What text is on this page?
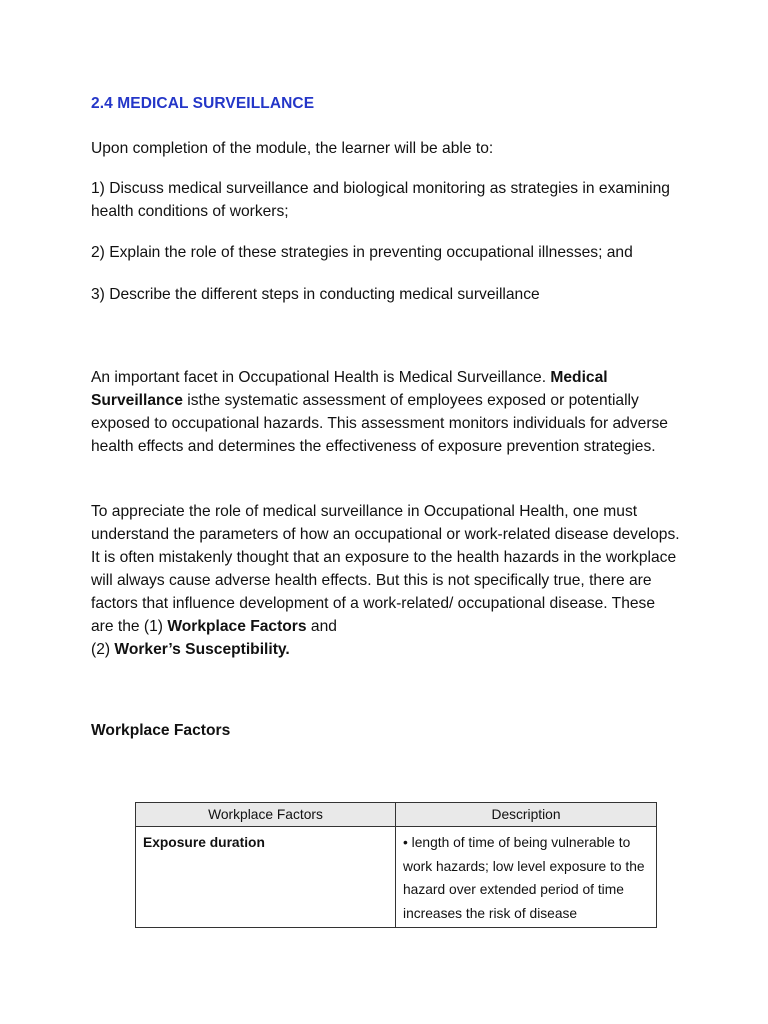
2.4 MEDICAL SURVEILLANCE
Upon completion of the module, the learner will be able to:
1) Discuss medical surveillance and biological monitoring as strategies in examining health conditions of workers;
2) Explain the role of these strategies in preventing occupational illnesses; and
3) Describe the different steps in conducting medical surveillance
An important facet in Occupational Health is Medical Surveillance. Medical Surveillance isthe systematic assessment of employees exposed or potentially exposed to occupational hazards. This assessment monitors individuals for adverse health effects and determines the effectiveness of exposure prevention strategies.
To appreciate the role of medical surveillance in Occupational Health, one must understand the parameters of how an occupational or work-related disease develops. It is often mistakenly thought that an exposure to the health hazards in the workplace will always cause adverse health effects. But this is not specifically true, there are factors that influence development of a work-related/ occupational disease. These are the (1) Workplace Factors and
(2) Worker’s Susceptibility.
Workplace Factors
Workplace Factors	Description
Exposure duration	• length of time of being vulnerable to work hazards; low level exposure to the hazard over extended period of time increases the risk of disease
